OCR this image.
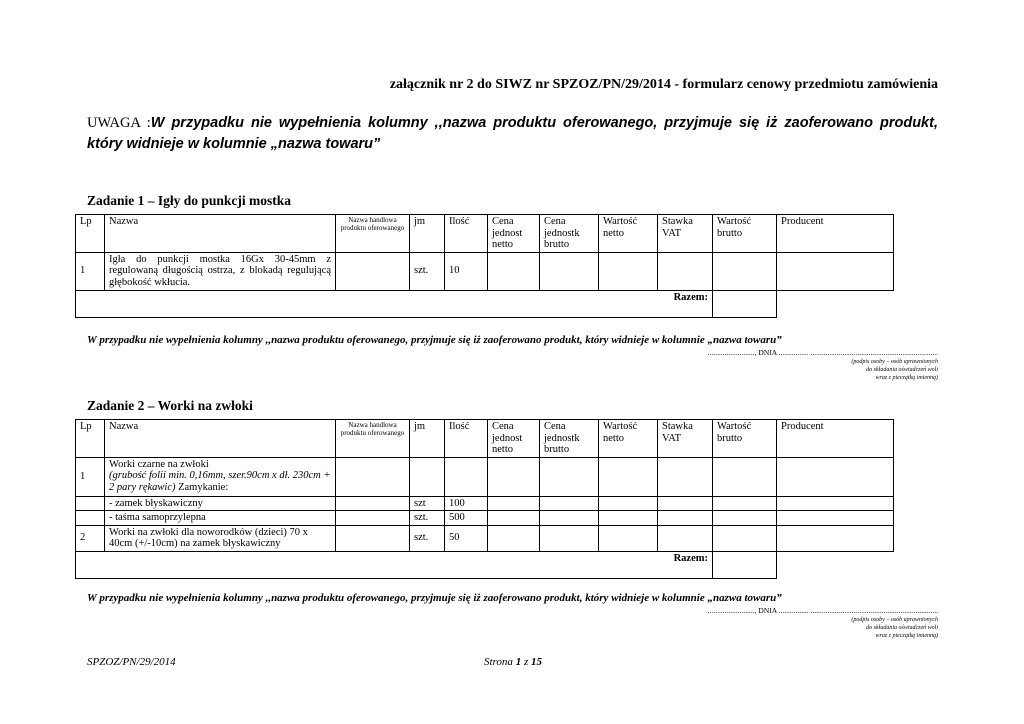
załącznik nr 2 do SIWZ nr SPZOZ/PN/29/2014 - formularz cenowy przedmiotu zamówienia
UWAGA :W przypadku nie wypełnienia kolumny ,,nazwa produktu oferowanego, przyjmuje się iż zaoferowano produkt, który widnieje w kolumnie „nazwa towaru”
Zadanie 1 – Igły do punkcji mostka
Lp	Nazwa	Nazwa handlowa produktu oferowanego	jm	Ilość	Cena jednost netto	Cena jednostk brutto	Wartość netto	Stawka VAT	Wartość brutto	Producent
1	Igła do punkcji mostka 16Gx 30-45mm z regulowaną długością ostrza, z blokadą regulującą głębokość wkłucia.		szt.	10						
Razem:										
W przypadku nie wypełnienia kolumny ,,nazwa produktu oferowanego, przyjmuje się iż zaoferowano produkt, który widnieje w kolumnie „nazwa towaru”
........................., DNIA ................ ....................................................................
(podpis osoby – osób uprawnionych
do składania oświadczeń woli
wraz z pieczątką imienną)
Zadanie 2 – Worki na zwłoki
Lp	Nazwa	Nazwa handlowa produktu oferowanego	jm	Ilość	Cena jednost netto	Cena jednostk brutto	Wartość netto	Stawka VAT	Wartość brutto	Producent
1	Worki czarne na zwłoki
(grubość folii min. 0,16mm, szer.90cm x dł. 230cm + 2 pary rękawic) Zamykanie:									
	- zamek błyskawiczny		szt	100						
	- taśma samoprzylepna		szt.	500						
2	Worki na zwłoki dla noworodków (dzieci) 70 x 40cm (+/-10cm) na zamek błyskawiczny		szt.	50						
Razem:										
W przypadku nie wypełnienia kolumny ,,nazwa produktu oferowanego, przyjmuje się iż zaoferowano produkt, który widnieje w kolumnie „nazwa towaru”
........................., DNIA ................ ....................................................................
(podpis osoby – osób uprawnionych
do składania oświadczeń woli
wraz z pieczątką imienną)
SPZOZ/PN/29/2014	Strona 1 z 15
